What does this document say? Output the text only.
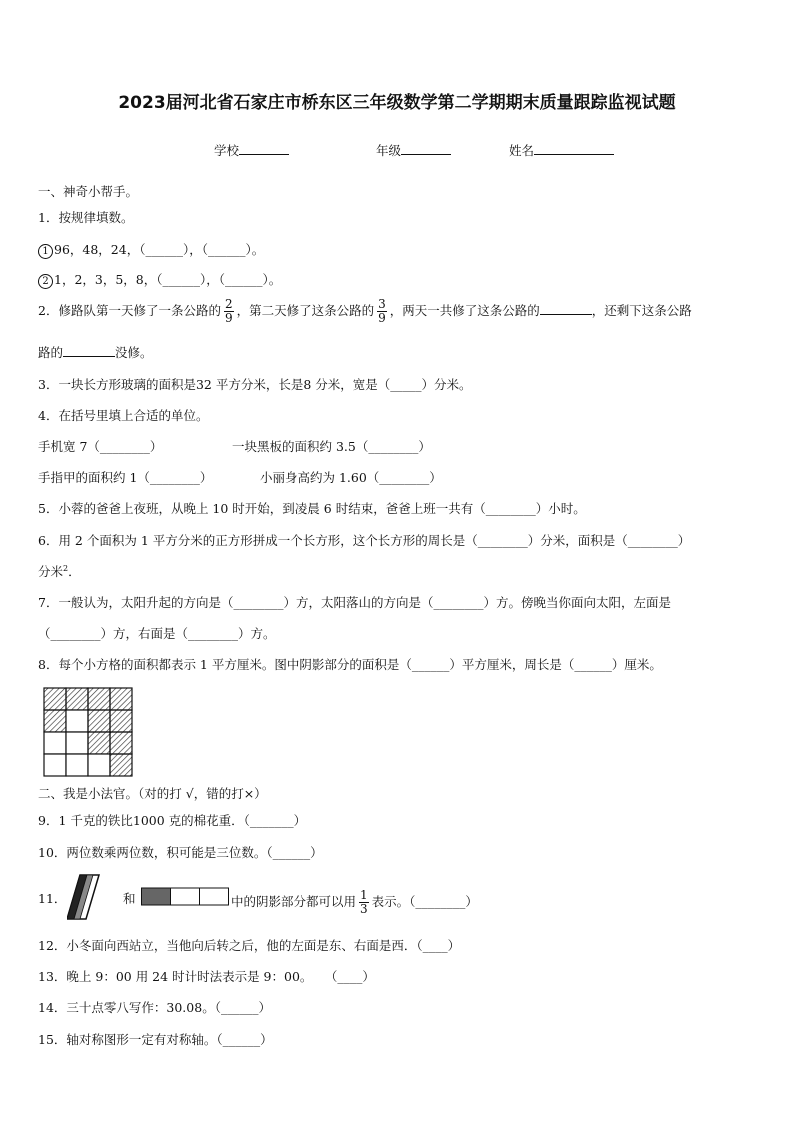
2023届河北省石家庄市桥东区三年级数学第二学期期末质量跟踪监视试题
学校	年级	姓名
一、神奇小帮手。
1．按规律填数。
1 96，48，24，（______），（______）。
2 1，2，3，5，8，（______），（______）。
2．修路队第一天修了一条公路的 $\frac{2}{9}$ ，第二天修了这条公路的 $\frac{3}{9}$ ，两天一共修了这条公路的	，还剩下这条公路
路的	没修。
3．一块长方形玻璃的面积是32 平方分米，长是8 分米，宽是（_____）分米。
4．在括号里填上合适的单位。
手机宽 7（________）	一块黑板的面积约 3.5（________）
手指甲的面积约 1（________）	小丽身高约为 1.60（________）
5．小蓉的爸爸上夜班，从晚上 10 时开始，到凌晨 6 时结束，爸爸上班一共有（________）小时。
6．用 2 个面积为 1 平方分米的正方形拼成一个长方形，这个长方形的周长是（________）分米，面积是（________）
分米$^2$．
7．一般认为，太阳升起的方向是（________）方，太阳落山的方向是（________）方。傍晚当你面向太阳，左面是
（________）方，右面是（________）方。
8．每个小方格的面积都表示 1 平方厘米。图中阴影部分的面积是（______）平方厘米，周长是（______）厘米。
二、我是小法官。（对的打 √，错的打×）
9．1 千克的铁比1000 克的棉花重．（_______）
10．两位数乘两位数，积可能是三位数。（______）
11．	和	中的阴影部分都可以用 $\frac{1}{3}$ 表示。（________）
12．小冬面向西站立，当他向后转之后，他的左面是东、右面是西．（____）
13．晚上 9：00 用 24 时计时法表示是 9：00。　　（____）
14．三十点零八写作：30.08。（______）
15．轴对称图形一定有对称轴。（______）
